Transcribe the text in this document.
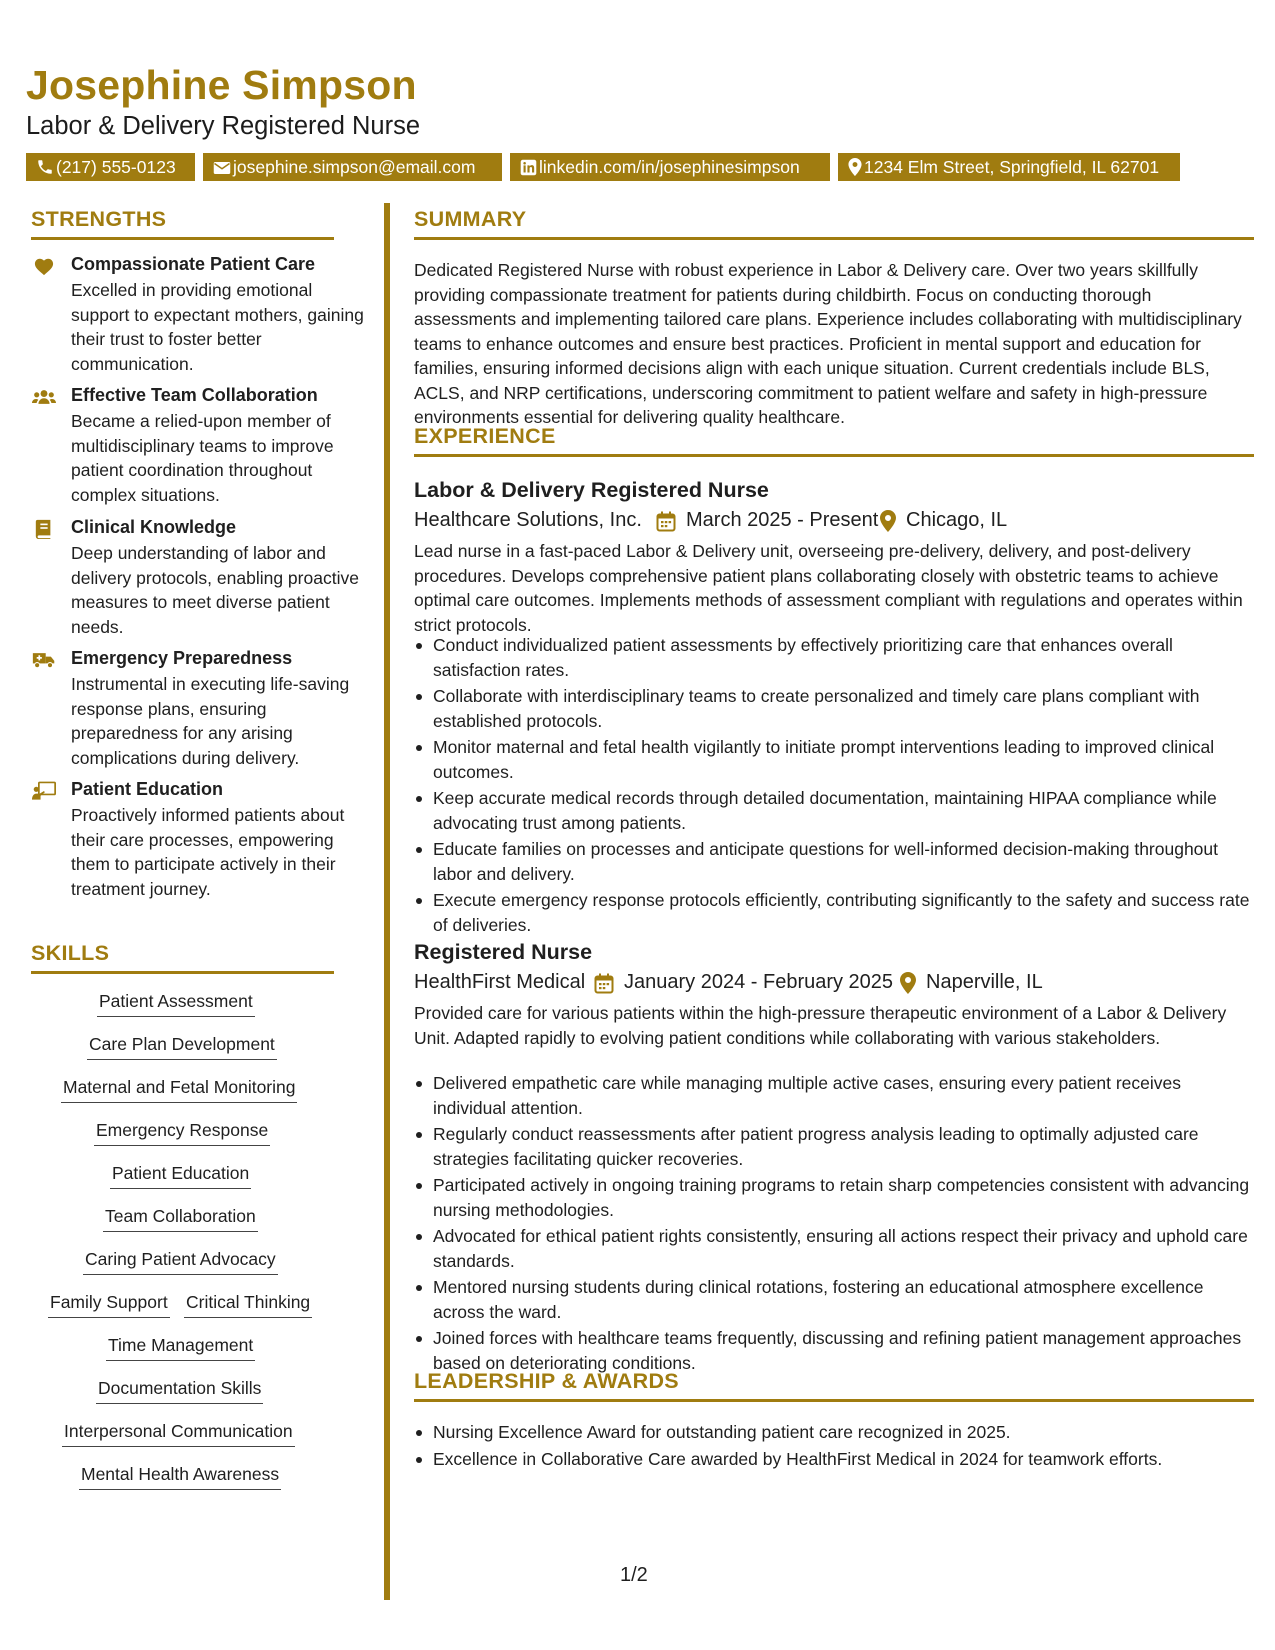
Josephine Simpson
Labor & Delivery Registered Nurse
(217) 555-0123	josephine.simpson@email.com	linkedin.com/in/josephinesimpson	1234 Elm Street, Springfield, IL 62701
STRENGTHS
Compassionate Patient Care
Excelled in providing emotional support to expectant mothers, gaining their trust to foster better communication.
Effective Team Collaboration
Became a relied-upon member of multidisciplinary teams to improve patient coordination throughout complex situations.
Clinical Knowledge
Deep understanding of labor and delivery protocols, enabling proactive measures to meet diverse patient needs.
Emergency Preparedness
Instrumental in executing life-saving response plans, ensuring preparedness for any arising complications during delivery.
Patient Education
Proactively informed patients about their care processes, empowering them to participate actively in their treatment journey.
SKILLS
Patient Assessment
Care Plan Development
Maternal and Fetal Monitoring
Emergency Response
Patient Education
Team Collaboration
Caring Patient Advocacy
Family Support Critical Thinking
Time Management
Documentation Skills
Interpersonal Communication
Mental Health Awareness
SUMMARY
Dedicated Registered Nurse with robust experience in Labor & Delivery care. Over two years skillfully providing compassionate treatment for patients during childbirth. Focus on conducting thorough assessments and implementing tailored care plans. Experience includes collaborating with multidisciplinary teams to enhance outcomes and ensure best practices. Proficient in mental support and education for families, ensuring informed decisions align with each unique situation. Current credentials include BLS, ACLS, and NRP certifications, underscoring commitment to patient welfare and safety in high-pressure environments essential for delivering quality healthcare.
EXPERIENCE
Labor & Delivery Registered Nurse
Healthcare Solutions, Inc. March 2025 - Present Chicago, IL
Lead nurse in a fast-paced Labor & Delivery unit, overseeing pre-delivery, delivery, and post-delivery procedures. Develops comprehensive patient plans collaborating closely with obstetric teams to achieve optimal care outcomes. Implements methods of assessment compliant with regulations and operates within strict protocols.
Conduct individualized patient assessments by effectively prioritizing care that enhances overall satisfaction rates.
Collaborate with interdisciplinary teams to create personalized and timely care plans compliant with established protocols.
Monitor maternal and fetal health vigilantly to initiate prompt interventions leading to improved clinical outcomes.
Keep accurate medical records through detailed documentation, maintaining HIPAA compliance while advocating trust among patients.
Educate families on processes and anticipate questions for well-informed decision-making throughout labor and delivery.
Execute emergency response protocols efficiently, contributing significantly to the safety and success rate of deliveries.
Registered Nurse
HealthFirst Medical January 2024 - February 2025 Naperville, IL
Provided care for various patients within the high-pressure therapeutic environment of a Labor & Delivery Unit. Adapted rapidly to evolving patient conditions while collaborating with various stakeholders.
Delivered empathetic care while managing multiple active cases, ensuring every patient receives individual attention.
Regularly conduct reassessments after patient progress analysis leading to optimally adjusted care strategies facilitating quicker recoveries.
Participated actively in ongoing training programs to retain sharp competencies consistent with advancing nursing methodologies.
Advocated for ethical patient rights consistently, ensuring all actions respect their privacy and uphold care standards.
Mentored nursing students during clinical rotations, fostering an educational atmosphere excellence across the ward.
Joined forces with healthcare teams frequently, discussing and refining patient management approaches based on deteriorating conditions.
LEADERSHIP & AWARDS
Nursing Excellence Award for outstanding patient care recognized in 2025.
Excellence in Collaborative Care awarded by HealthFirst Medical in 2024 for teamwork efforts.
1/2
